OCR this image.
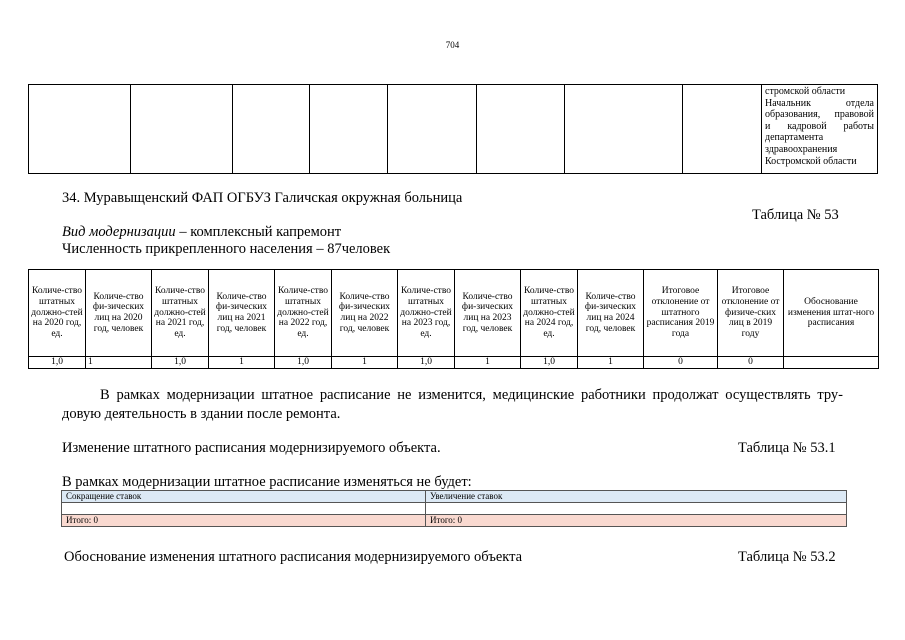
704

стромской области
Начальник отдела
образования, правовой
и кадровой работы
департамента
здравоохранения
Костромской области
34. Муравыщенский ФАП ОГБУЗ Галичская окружная больница
Таблица № 53
Вид модернизации – комплексный капремонт
Численность прикрепленного населения – 87человек
Количе-ство штатных должно-стей на 2020 год, ед.	Количе-ство фи-зических лиц на 2020 год, человек	Количе-ство штатных должно-стей на 2021 год, ед.	Количе-ство фи-зических лиц на 2021 год, человек	Количе-ство штатных должно-стей на 2022 год, ед.	Количе-ство фи-зических лиц на 2022 год, человек	Количе-ство штатных должно-стей на 2023 год, ед.	Количе-ство фи-зических лиц на 2023 год, человек	Количе-ство штатных должно-стей на 2024 год, ед.	Количе-ство фи-зических лиц на 2024 год, человек	Итоговое отклонение от штатного расписания 2019 года	Итоговое отклонение от физиче-ских лиц в 2019 году	Обоснование изменения штат-ного расписания
1,0	1	1,0	1	1,0	1	1,0	1	1,0	1	0	0	
В рамках модернизации штатное расписание не изменится, медицинские работники продолжат осуществлять тру-довую деятельность в здании после ремонта.
Изменение штатного расписания модернизируемого объекта.	Таблица № 53.1
В рамках модернизации штатное расписание изменяться не будет:
Сокращение ставок	Увеличение ставок

Итого: 0	Итого: 0
Обоснование изменения штатного расписания модернизируемого объекта	Таблица № 53.2
